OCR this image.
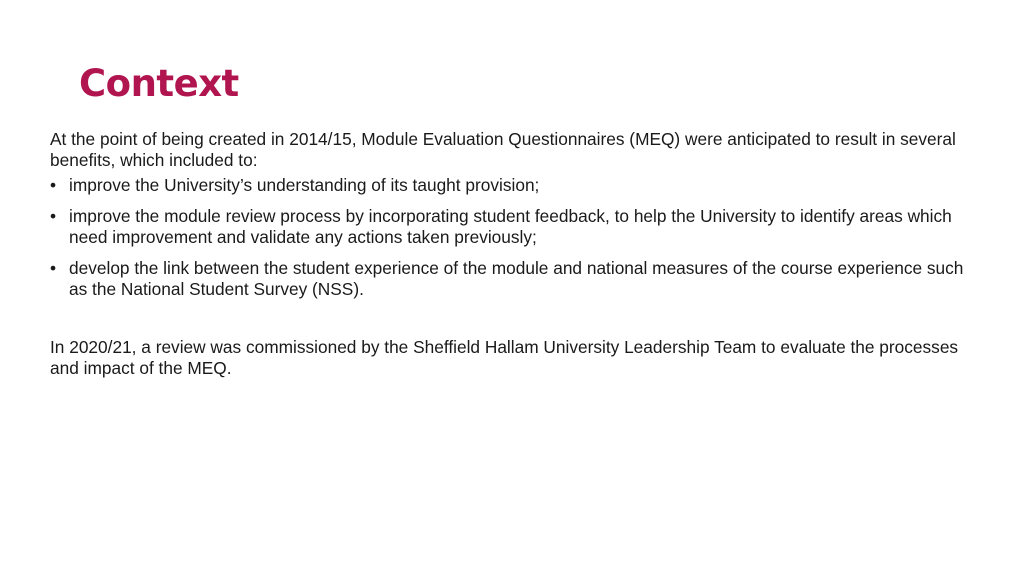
Context

At the point of being created in 2014/15, Module Evaluation Questionnaires (MEQ) were anticipated to result in several benefits, which included to:

• improve the University’s understanding of its taught provision;
• improve the module review process by incorporating student feedback, to help the University to identify areas which need improvement and validate any actions taken previously;
• develop the link between the student experience of the module and national measures of the course experience such as the National Student Survey (NSS).

In 2020/21, a review was commissioned by the Sheffield Hallam University Leadership Team to evaluate the processes and impact of the MEQ.
